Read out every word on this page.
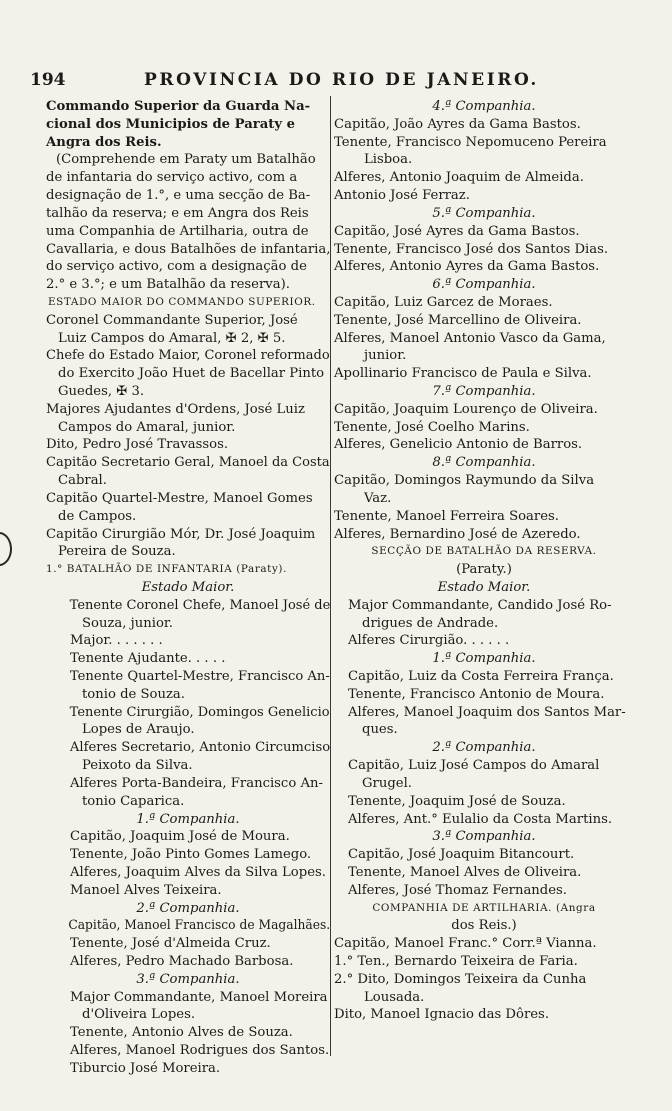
194	PROVINCIA DO RIO DE JANEIRO.
Commando Superior da Guarda Na-
cional dos Municipios de Paraty e
Angra dos Reis.
(Comprehende em Paraty um Batalhão
de infantaria do serviço activo, com a
designação de 1.°, e uma secção de Ba-
talhão da reserva; e em Angra dos Reis
uma Companhia de Artilharia, outra de
Cavallaria, e dous Batalhões de infantaria,
do serviço activo, com a designação de
2.° e 3.°; e um Batalhão da reserva).
ESTADO MAIOR DO COMMANDO SUPERIOR.
Coronel Commandante Superior, José
Luiz Campos do Amaral, ✠ 2, ✠ 5.
Chefe do Estado Maior, Coronel reformado
do Exercito João Huet de Bacellar Pinto
Guedes, ✠ 3.
Majores Ajudantes d'Ordens, José Luiz
Campos do Amaral, junior.
Dito, Pedro José Travassos.
Capitão Secretario Geral, Manoel da Costa
Cabral.
Capitão Quartel-Mestre, Manoel Gomes
de Campos.
Capitão Cirurgião Mór, Dr. José Joaquim
Pereira de Souza.
1.° BATALHÃO DE INFANTARIA (Paraty).
Estado Maior.
Tenente Coronel Chefe, Manoel José de
Souza, junior.
Major. . . . . . .
Tenente Ajudante. . . . .
Tenente Quartel-Mestre, Francisco An-
tonio de Souza.
Tenente Cirurgião, Domingos Genelicio
Lopes de Araujo.
Alferes Secretario, Antonio Circumciso
Peixoto da Silva.
Alferes Porta-Bandeira, Francisco An-
tonio Caparica.
1.ª Companhia.
Capitão, Joaquim José de Moura.
Tenente, João Pinto Gomes Lamego.
Alferes, Joaquim Alves da Silva Lopes.
Manoel Alves Teixeira.
2.ª Companhia.
Capitão, Manoel Francisco de Magalhães.
Tenente, José d'Almeida Cruz.
Alferes, Pedro Machado Barbosa.
3.ª Companhia.
Major Commandante, Manoel Moreira
d'Oliveira Lopes.
Tenente, Antonio Alves de Souza.
Alferes, Manoel Rodrigues dos Santos.
Tiburcio José Moreira.
4.ª Companhia.
Capitão, João Ayres da Gama Bastos.
Tenente, Francisco Nepomuceno Pereira
Lisboa.
Alferes, Antonio Joaquim de Almeida.
Antonio José Ferraz.
5.ª Companhia.
Capitão, José Ayres da Gama Bastos.
Tenente, Francisco José dos Santos Dias.
Alferes, Antonio Ayres da Gama Bastos.
6.ª Companhia.
Capitão, Luiz Garcez de Moraes.
Tenente, José Marcellino de Oliveira.
Alferes, Manoel Antonio Vasco da Gama,
junior.
Apollinario Francisco de Paula e Silva.
7.ª Companhia.
Capitão, Joaquim Lourenço de Oliveira.
Tenente, José Coelho Marins.
Alferes, Genelicio Antonio de Barros.
8.ª Companhia.
Capitão, Domingos Raymundo da Silva
Vaz.
Tenente, Manoel Ferreira Soares.
Alferes, Bernardino José de Azeredo.
SECÇÃO DE BATALHÃO DA RESERVA.
(Paraty.)
Estado Maior.
Major Commandante, Candido José Ro-
drigues de Andrade.
Alferes Cirurgião. . . . . .
1.ª Companhia.
Capitão, Luiz da Costa Ferreira França.
Tenente, Francisco Antonio de Moura.
Alferes, Manoel Joaquim dos Santos Mar-
ques.
2.ª Companhia.
Capitão, Luiz José Campos do Amaral
Grugel.
Tenente, Joaquim José de Souza.
Alferes, Ant.° Eulalio da Costa Martins.
3.ª Companhia.
Capitão, José Joaquim Bitancourt.
Tenente, Manoel Alves de Oliveira.
Alferes, José Thomaz Fernandes.
COMPANHIA DE ARTILHARIA. (Angra
dos Reis.)
Capitão, Manoel Franc.° Corr.ª Vianna.
1.° Ten., Bernardo Teixeira de Faria.
2.° Dito, Domingos Teixeira da Cunha
Lousada.
Dito, Manoel Ignacio das Dôres.
